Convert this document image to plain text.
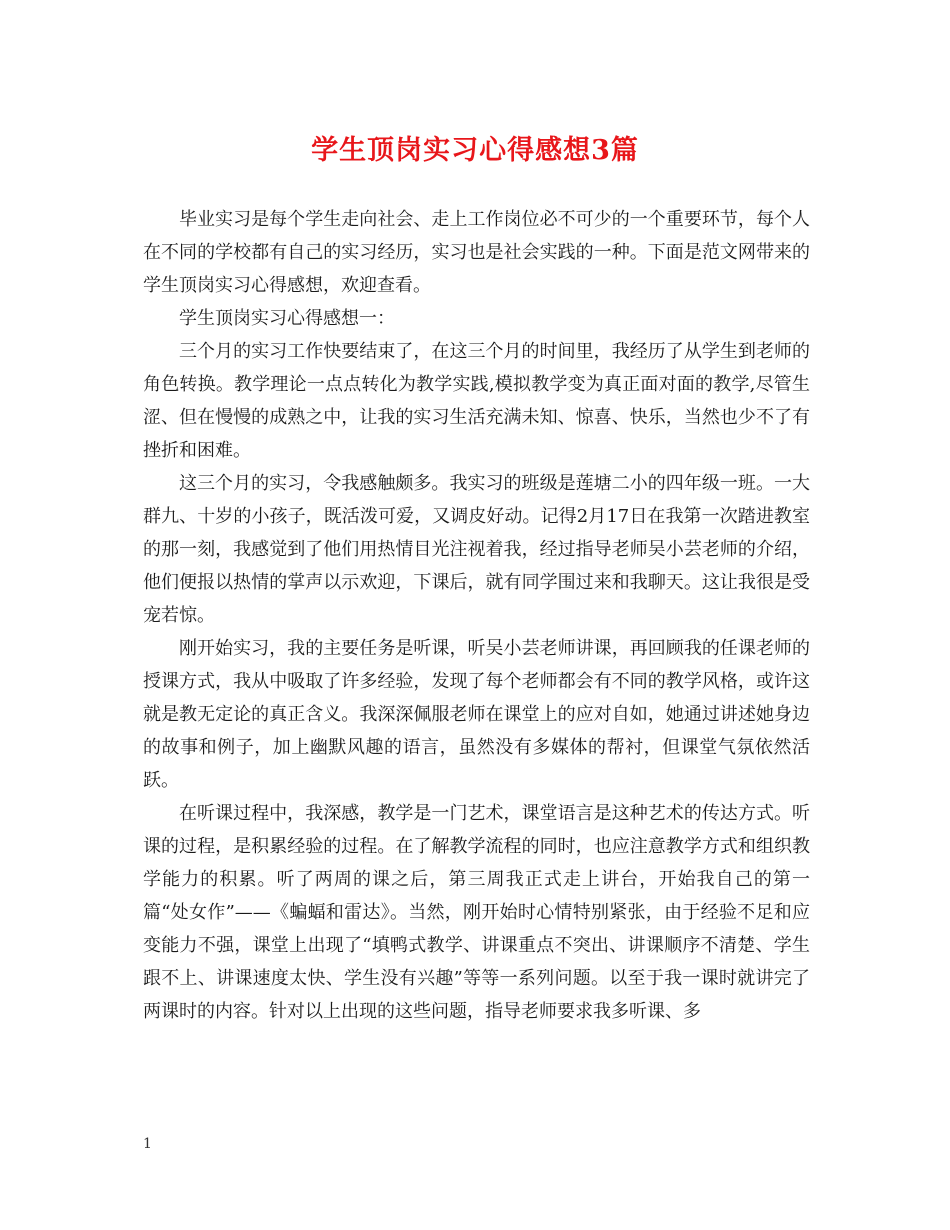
学生顶岗实习心得感想3篇

毕业实习是每个学生走向社会、走上工作岗位必不可少的一个重要环节，每个人在不同的学校都有自己的实习经历，实习也是社会实践的一种。下面是范文网带来的学生顶岗实习心得感想，欢迎查看。

学生顶岗实习心得感想一：

三个月的实习工作快要结束了，在这三个月的时间里，我经历了从学生到老师的角色转换。教学理论一点点转化为教学实践,模拟教学变为真正面对面的教学,尽管生涩、但在慢慢的成熟之中，让我的实习生活充满未知、惊喜、快乐，当然也少不了有挫折和困难。

这三个月的实习，令我感触颇多。我实习的班级是莲塘二小的四年级一班。一大群九、十岁的小孩子，既活泼可爱，又调皮好动。记得2月17日在我第一次踏进教室的那一刻，我感觉到了他们用热情目光注视着我，经过指导老师吴小芸老师的介绍，他们便报以热情的掌声以示欢迎，下课后，就有同学围过来和我聊天。这让我很是受宠若惊。

刚开始实习，我的主要任务是听课，听吴小芸老师讲课，再回顾我的任课老师的授课方式，我从中吸取了许多经验，发现了每个老师都会有不同的教学风格，或许这就是教无定论的真正含义。我深深佩服老师在课堂上的应对自如，她通过讲述她身边的故事和例子，加上幽默风趣的语言，虽然没有多媒体的帮衬，但课堂气氛依然活跃。

在听课过程中，我深感，教学是一门艺术，课堂语言是这种艺术的传达方式。听课的过程，是积累经验的过程。在了解教学流程的同时，也应注意教学方式和组织教学能力的积累。听了两周的课之后，第三周我正式走上讲台，开始我自己的第一篇“处女作”——《蝙蝠和雷达》。当然，刚开始时心情特别紧张，由于经验不足和应变能力不强，课堂上出现了“填鸭式教学、讲课重点不突出、讲课顺序不清楚、学生跟不上、讲课速度太快、学生没有兴趣”等等一系列问题。以至于我一课时就讲完了两课时的内容。针对以上出现的这些问题，指导老师要求我多听课、多

1
